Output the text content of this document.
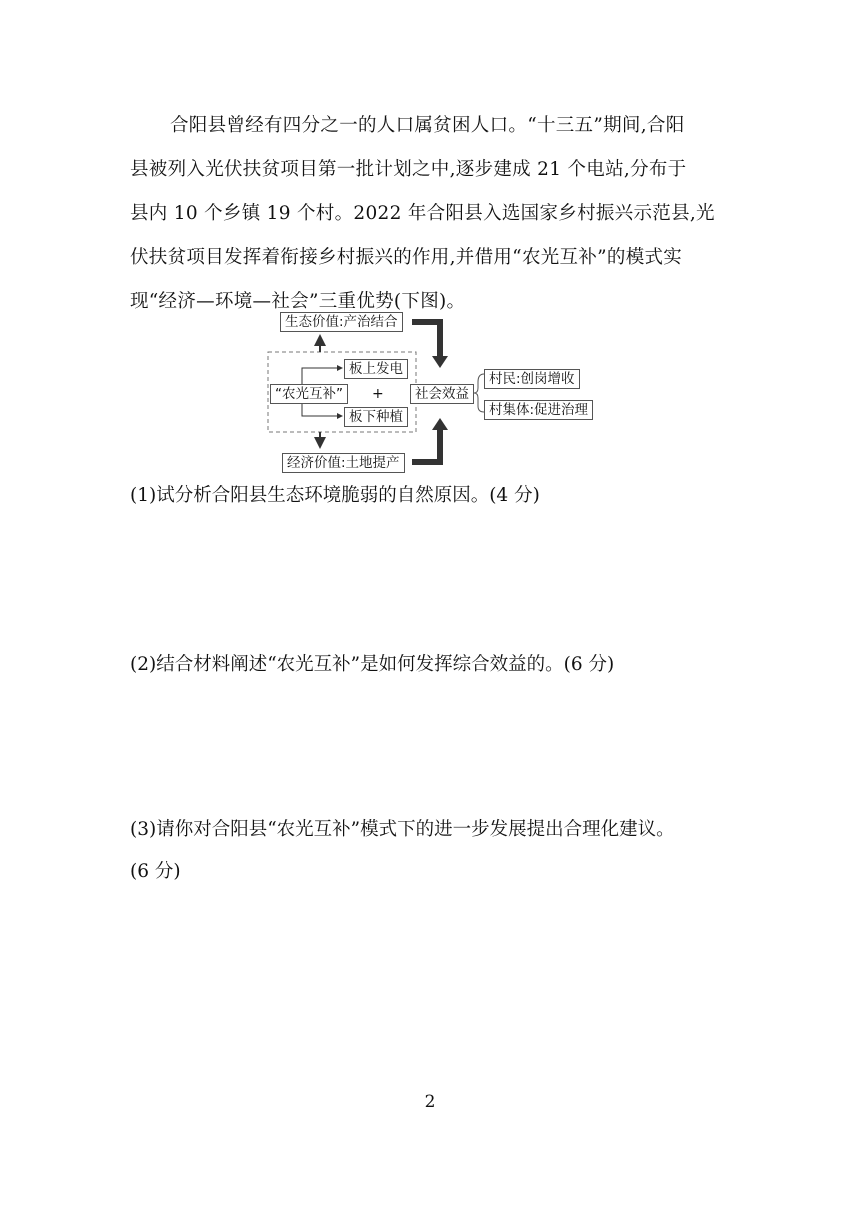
合阳县曾经有四分之一的人口属贫困人口。“十三五”期间,合阳
县被列入光伏扶贫项目第一批计划之中,逐步建成 21 个电站,分布于
县内 10 个乡镇 19 个村。2022 年合阳县入选国家乡村振兴示范县,光
伏扶贫项目发挥着衔接乡村振兴的作用,并借用“农光互补”的模式实
现“经济—环境—社会”三重优势(下图)。
生态价值:产治结合
板上发电
“农光互补”	+
板下种植
经济价值:土地提产
社会效益
村民:创岗增收
村集体:促进治理
(1)试分析合阳县生态环境脆弱的自然原因。(4 分)
(2)结合材料阐述“农光互补”是如何发挥综合效益的。(6 分)
(3)请你对合阳县“农光互补”模式下的进一步发展提出合理化建议。
(6 分)
2
